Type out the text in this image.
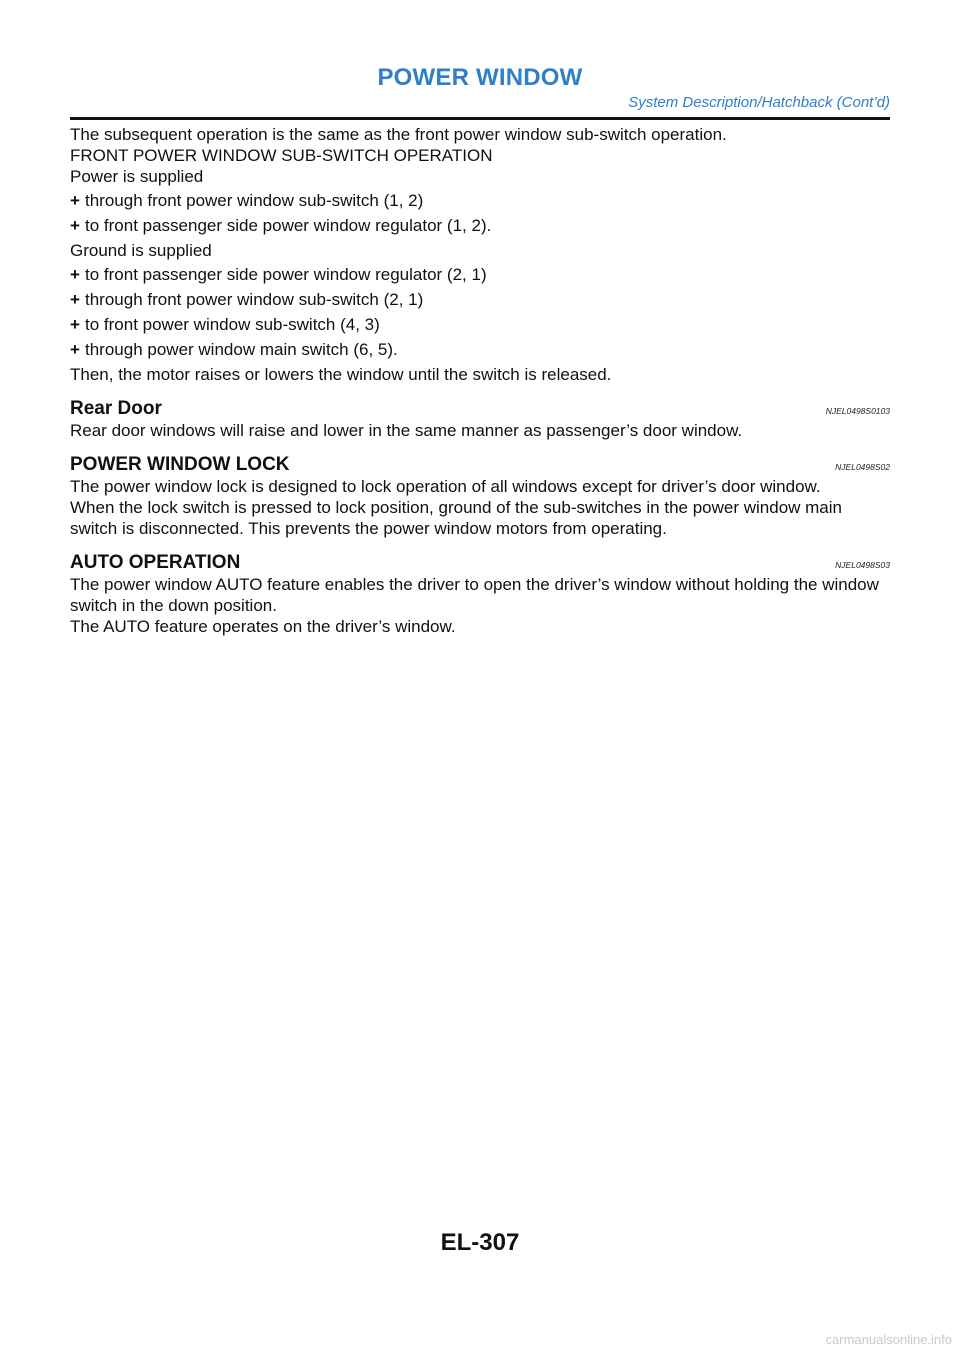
POWER WINDOW
System Description/Hatchback (Cont’d)

The subsequent operation is the same as the front power window sub-switch operation.

FRONT POWER WINDOW SUB-SWITCH OPERATION

Power is supplied

+ through front power window sub-switch (1, 2)
+ to front passenger side power window regulator (1, 2).

Ground is supplied

+ to front passenger side power window regulator (2, 1)
+ through front power window sub-switch (2, 1)
+ to front power window sub-switch (4, 3)
+ through power window main switch (6, 5).

Then, the motor raises or lowers the window until the switch is released.

Rear Door	NJEL0498S0103

Rear door windows will raise and lower in the same manner as passenger’s door window.

POWER WINDOW LOCK	NJEL0498S02

The power window lock is designed to lock operation of all windows except for driver’s door window.

When the lock switch is pressed to lock position, ground of the sub-switches in the power window main switch is disconnected. This prevents the power window motors from operating.

AUTO OPERATION	NJEL0498S03

The power window AUTO feature enables the driver to open the driver’s window without holding the window switch in the down position.

The AUTO feature operates on the driver’s window.

EL-307
carmanualsonline.info
